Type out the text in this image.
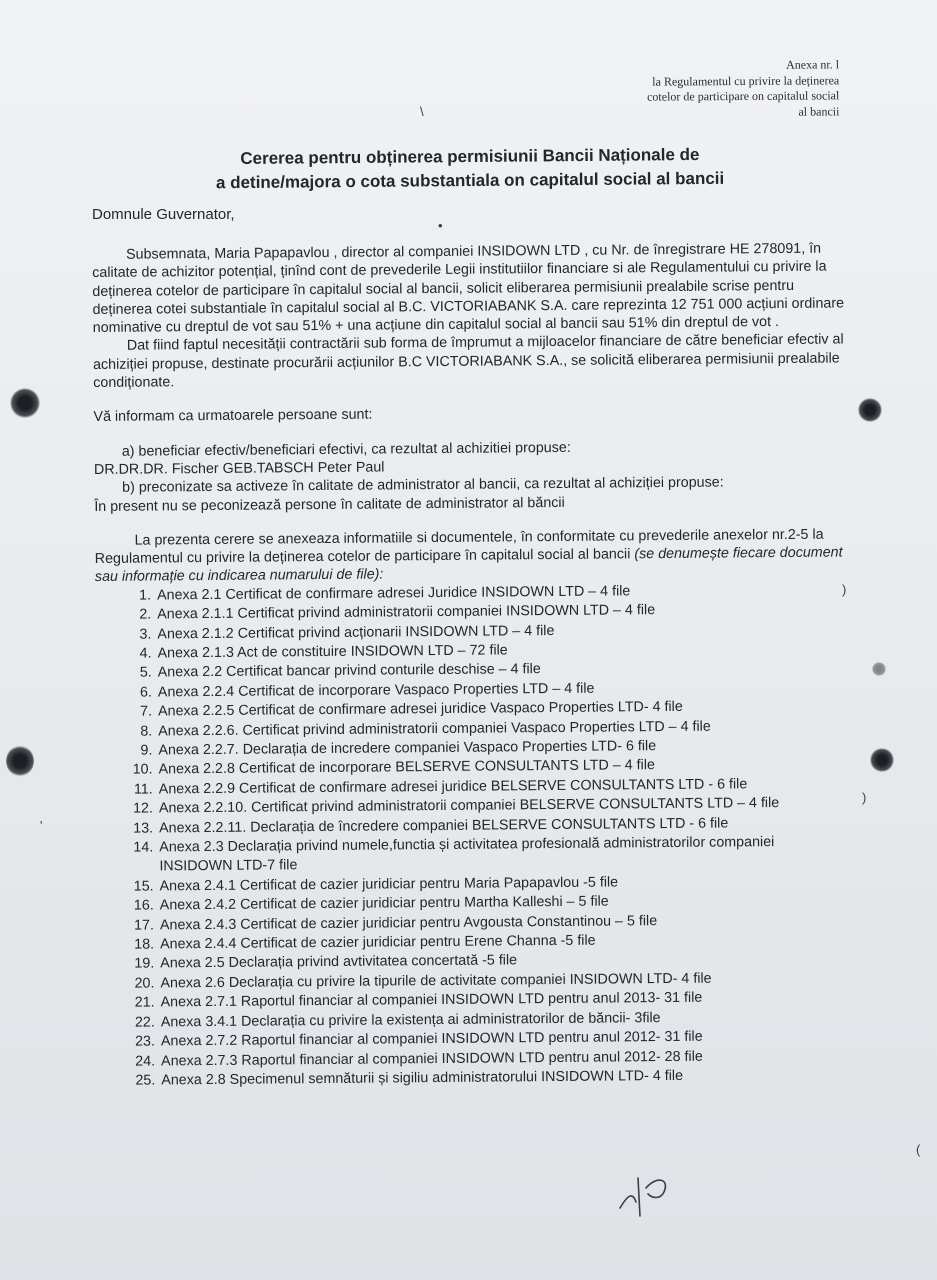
Anexa nr. l
la Regulamentul cu privire la deținerea
cotelor de participare on capitalul social
al bancii
Cererea pentru obținerea permisiunii Bancii Naționale de
a detine/majora o cota substantiala on capitalul social al bancii
Domnule Guvernator,

Subsemnata, Maria Papapavlou , director al companiei INSIDOWN LTD , cu Nr. de înregistrare HE 278091, în calitate de achizitor potențial, ținînd cont de prevederile Legii institutiilor financiare si ale Regulamentului cu privire la deținerea cotelor de participare în capitalul social al bancii, solicit eliberarea permisiunii prealabile scrise pentru deținerea cotei substantiale în capitalul social al B.C. VICTORIABANK S.A. care reprezinta 12 751 000 acțiuni ordinare nominative cu dreptul de vot sau 51% + una acțiune din capitalul social al bancii sau 51% din dreptul de vot .

Dat fiind faptul necesității contractării sub forma de împrumut a mijloacelor financiare de către beneficiar efectiv al achiziției propuse, destinate procurării acțiunilor B.C VICTORIABANK S.A., se solicită eliberarea permisiunii prealabile condiționate.

Vă informam ca urmatoarele persoane sunt:

a) beneficiar efectiv/beneficiari efectivi, ca rezultat al achizitiei propuse:

DR.DR.DR. Fischer GEB.TABSCH Peter Paul

b) preconizate sa activeze în calitate de administrator al bancii, ca rezultat al achiziției propuse:

În present nu se peconizează persone în calitate de administrator al băncii

La prezenta cerere se anexeaza informatiile si documentele, în conformitate cu prevederile anexelor nr.2-5 la Regulamentul cu privire la deținerea cotelor de participare în capitalul social al bancii (se denumește fiecare document sau informație cu indicarea numarului de file):

1. Anexa 2.1 Certificat de confirmare adresei Juridice INSIDOWN LTD – 4 file
2. Anexa 2.1.1 Certificat privind administratorii companiei INSIDOWN LTD – 4 file
3. Anexa 2.1.2 Certificat privind acționarii INSIDOWN LTD – 4 file
4. Anexa 2.1.3 Act de constituire INSIDOWN LTD – 72 file
5. Anexa 2.2 Certificat bancar privind conturile deschise – 4 file
6. Anexa 2.2.4 Certificat de incorporare Vaspaco Properties LTD – 4 file
7. Anexa 2.2.5 Certificat de confirmare adresei juridice Vaspaco Properties LTD- 4 file
8. Anexa 2.2.6. Certificat privind administratorii companiei Vaspaco Properties LTD – 4 file
9. Anexa 2.2.7. Declarația de incredere companiei Vaspaco Properties LTD- 6 file
10. Anexa 2.2.8 Certificat de incorporare BELSERVE CONSULTANTS LTD – 4 file
11. Anexa 2.2.9 Certificat de confirmare adresei juridice BELSERVE CONSULTANTS LTD - 6 file
12. Anexa 2.2.10. Certificat privind administratorii companiei BELSERVE CONSULTANTS LTD – 4 file
13. Anexa 2.2.11. Declarația de încredere companiei BELSERVE CONSULTANTS LTD - 6 file
14. Anexa 2.3 Declarația privind numele,functia și activitatea profesională administratorilor companiei INSIDOWN LTD-7 file
15. Anexa 2.4.1 Certificat de cazier juridiciar pentru Maria Papapavlou -5 file
16. Anexa 2.4.2 Certificat de cazier juridiciar pentru Martha Kalleshi – 5 file
17. Anexa 2.4.3 Certificat de cazier juridiciar pentru Avgousta Constantinou – 5 file
18. Anexa 2.4.4 Certificat de cazier juridiciar pentru Erene Channa -5 file
19. Anexa 2.5 Declarația privind avtivitatea concertată -5 file
20. Anexa 2.6 Declarația cu privire la tipurile de activitate companiei INSIDOWN LTD- 4 file
21. Anexa 2.7.1 Raportul financiar al companiei INSIDOWN LTD pentru anul 2013- 31 file
22. Anexa 3.4.1 Declarația cu privire la existența ai administratorilor de băncii- 3file
23. Anexa 2.7.2 Raportul financiar al companiei INSIDOWN LTD pentru anul 2012- 31 file
24. Anexa 2.7.3 Raportul financiar al companiei INSIDOWN LTD pentru anul 2012- 28 file
25. Anexa 2.8 Specimenul semnăturii și sigiliu administratorului INSIDOWN LTD- 4 file
\
•
)
)
'
(
